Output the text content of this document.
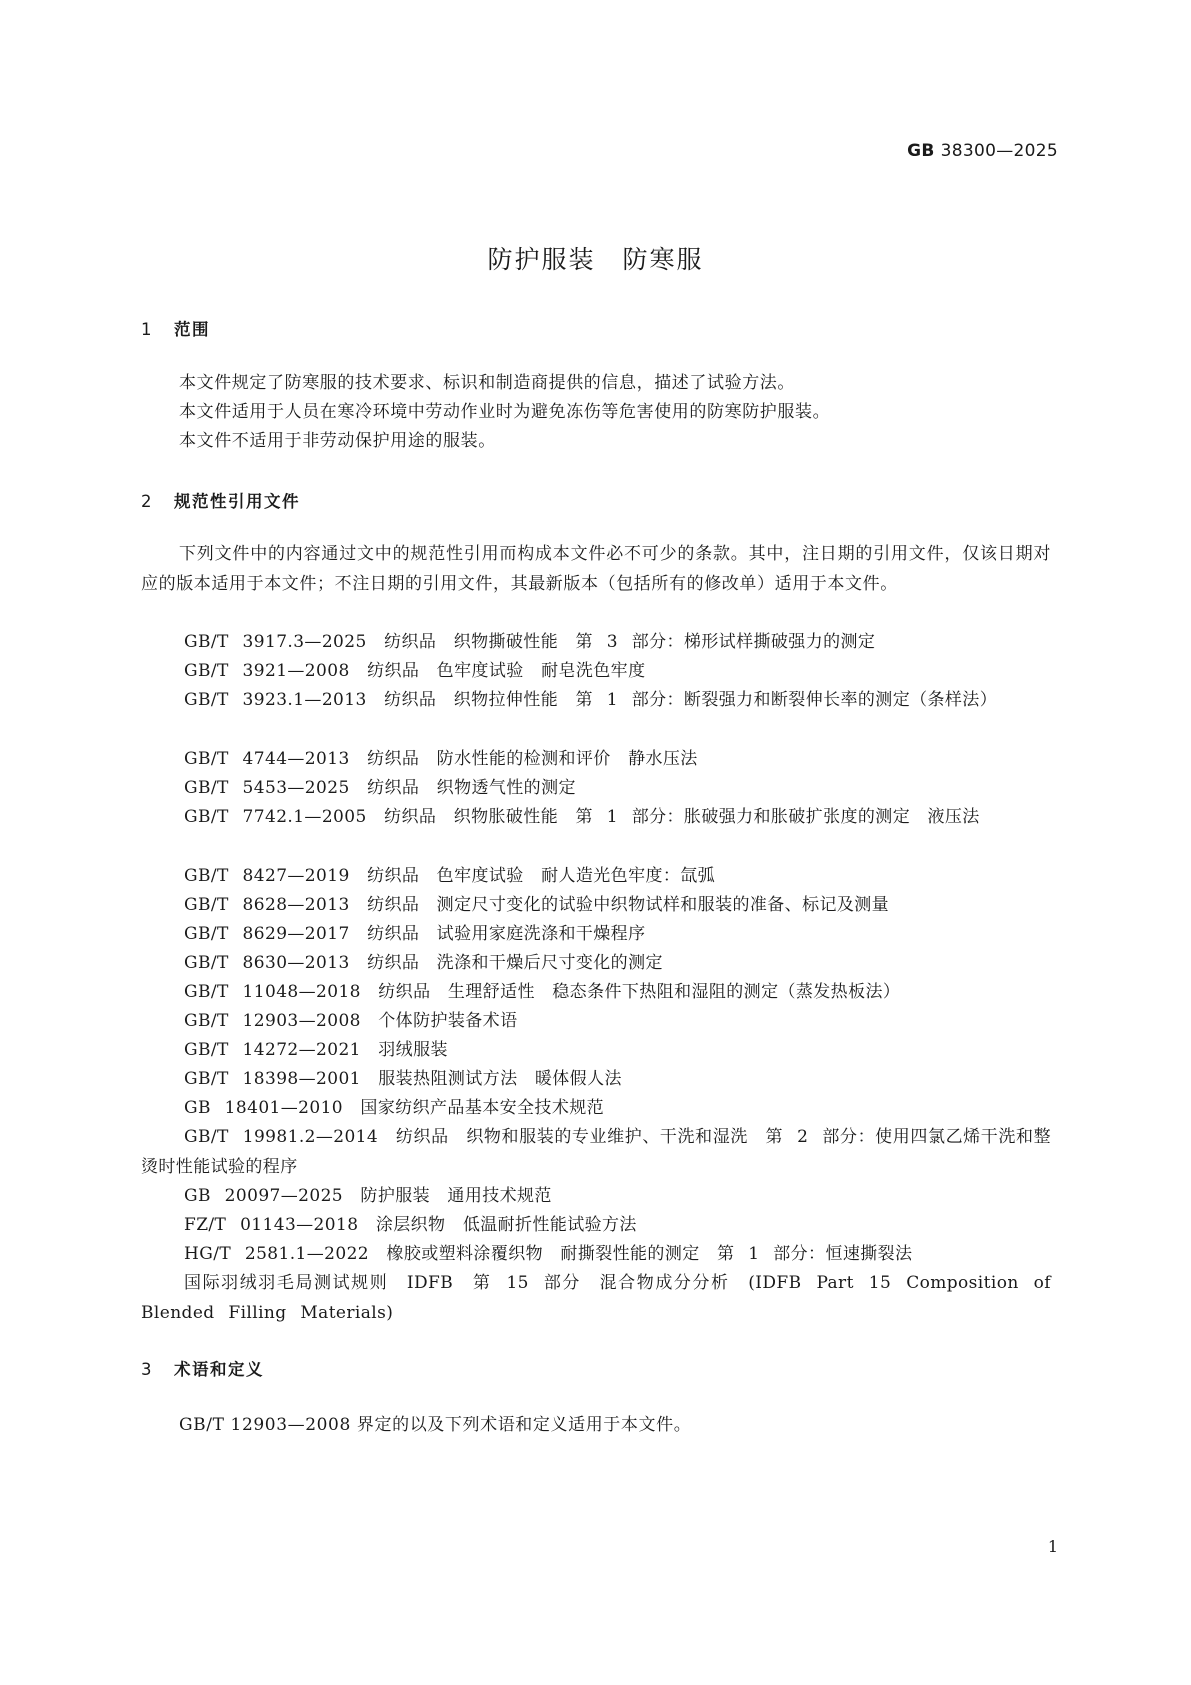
GB 38300—2025
防护服装　防寒服
1 范围
本文件规定了防寒服的技术要求、标识和制造商提供的信息，描述了试验方法。
本文件适用于人员在寒冷环境中劳动作业时为避免冻伤等危害使用的防寒防护服装。
本文件不适用于非劳动保护用途的服装。
2 规范性引用文件
下列文件中的内容通过文中的规范性引用而构成本文件必不可少的条款。其中，注日期的引用文件，仅该日期对应的版本适用于本文件；不注日期的引用文件，其最新版本（包括所有的修改单）适用于本文件。
GB/T 3917.3—2025　纺织品　织物撕破性能　第 3 部分：梯形试样撕破强力的测定
GB/T 3921—2008　纺织品　色牢度试验　耐皂洗色牢度
GB/T 3923.1—2013　纺织品　织物拉伸性能　第 1 部分：断裂强力和断裂伸长率的测定（条样法）
GB/T 4744—2013　纺织品　防水性能的检测和评价　静水压法
GB/T 5453—2025　纺织品　织物透气性的测定
GB/T 7742.1—2005　纺织品　织物胀破性能　第 1 部分：胀破强力和胀破扩张度的测定　液压法
GB/T 8427—2019　纺织品　色牢度试验　耐人造光色牢度：氙弧
GB/T 8628—2013　纺织品　测定尺寸变化的试验中织物试样和服装的准备、标记及测量
GB/T 8629—2017　纺织品　试验用家庭洗涤和干燥程序
GB/T 8630—2013　纺织品　洗涤和干燥后尺寸变化的测定
GB/T 11048—2018　纺织品　生理舒适性　稳态条件下热阻和湿阻的测定（蒸发热板法）
GB/T 12903—2008　个体防护装备术语
GB/T 14272—2021　羽绒服装
GB/T 18398—2001　服装热阻测试方法　暖体假人法
GB 18401—2010　国家纺织产品基本安全技术规范
GB/T 19981.2—2014　纺织品　织物和服装的专业维护、干洗和湿洗　第 2 部分：使用四氯乙烯干洗和整烫时性能试验的程序
GB 20097—2025　防护服装　通用技术规范
FZ/T 01143—2018　涂层织物　低温耐折性能试验方法
HG/T 2581.1—2022　橡胶或塑料涂覆织物　耐撕裂性能的测定　第 1 部分：恒速撕裂法
国际羽绒羽毛局测试规则　IDFB　第 15 部分　混合物成分分析　(IDFB Part 15 Composition of Blended Filling Materials)
3 术语和定义
GB/T 12903—2008 界定的以及下列术语和定义适用于本文件。
1
